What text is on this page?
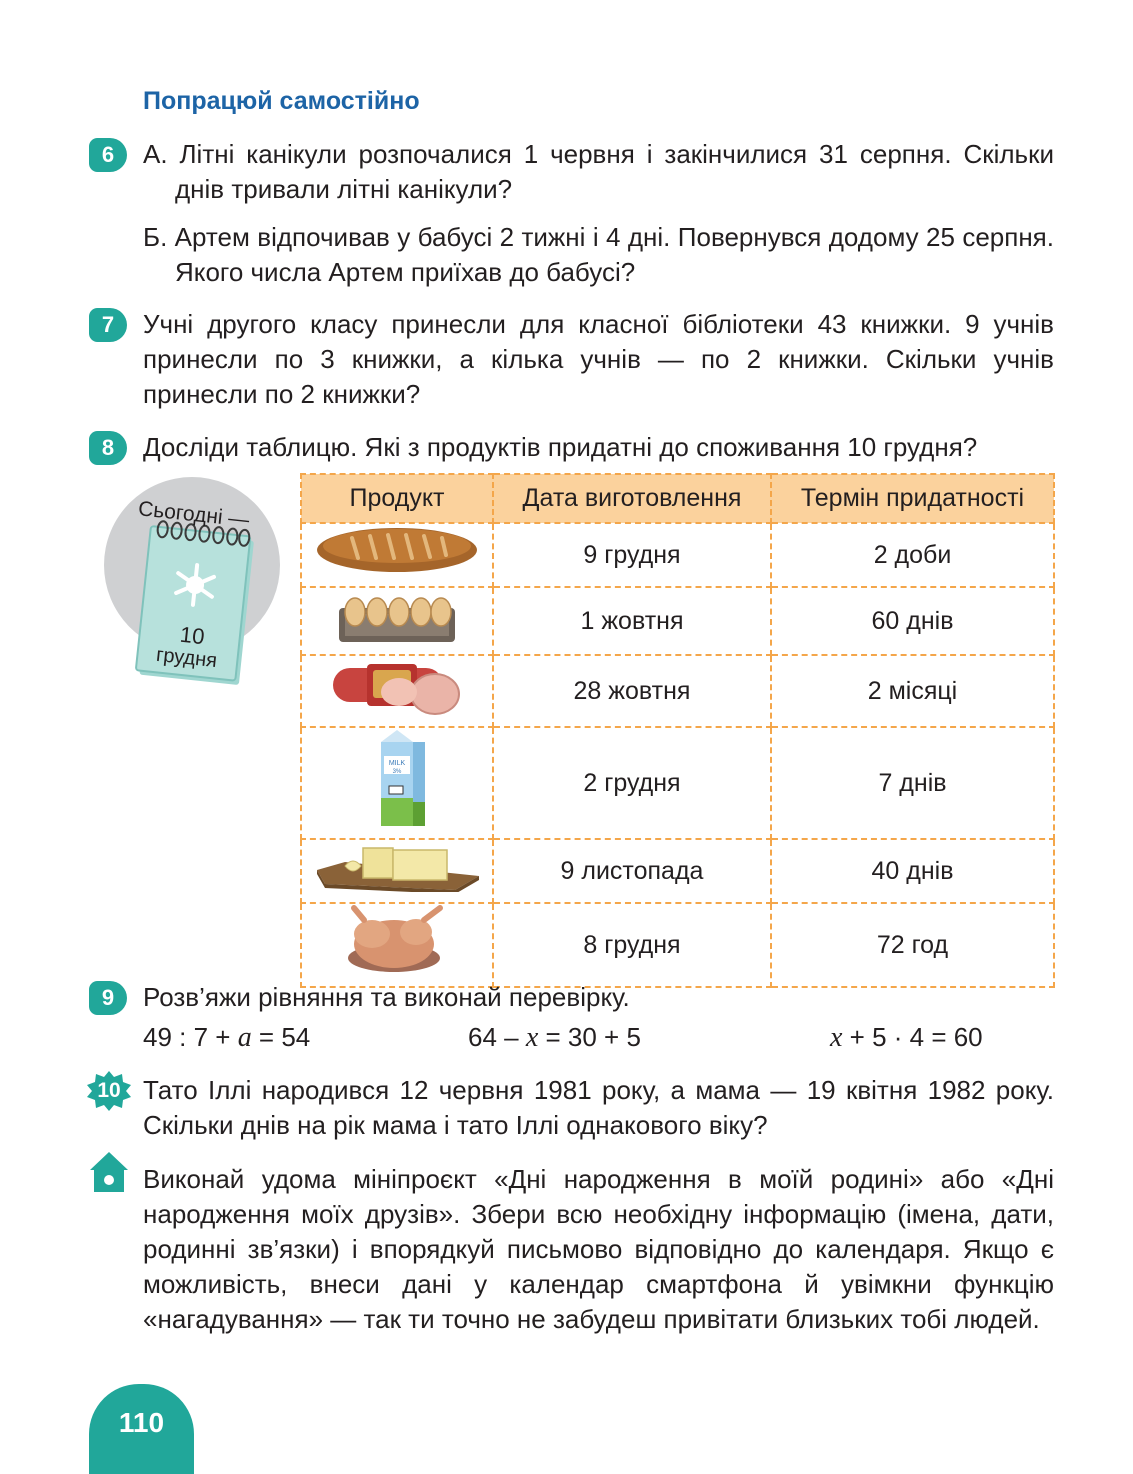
Попрацюй самостійно
6	А. Літні канікули розпочалися 1 червня і закінчилися 31 серпня. Скільки днів тривали літні канікули?
Б. Артем відпочивав у бабусі 2 тижні і 4 дні. Повернувся додому 25 серпня. Якого числа Артем приїхав до бабусі?
7	Учні другого класу принесли для класної бібліотеки 43 книжки. 9 учнів принесли по 3 книжки, а кілька учнів — по 2 книжки. Скільки учнів принесли по 2 книжки?
8	Досліди таблицю. Які з продуктів придатні до споживання 10 грудня?
Сьогодні —
10
грудня
Продукт	Дата виготовлення	Термін придатності
	9 грудня	2 доби
	1 жовтня	60 днів
	28 жовтня	2 місяці

MILK
3%	2 грудня	7 днів
	9 листопада	40 днів
	8 грудня	72 год
9	Розв’яжи рівняння та виконай перевірку.
49 : 7 + a = 54	64 – x = 30 + 5	x + 5 · 4 = 60
10 Тато Іллі народився 12 червня 1981 року, а мама — 19 квітня 1982 року. Скільки днів на рік мама і тато Іллі однакового віку?
Виконай удома мініпроєкт «Дні народження в моїй родині» або «Дні народження моїх друзів». Збери всю необхідну інформацію (імена, дати, родинні зв’язки) і впорядкуй письмово відповідно до календаря. Якщо є можливість, внеси дані у календар смартфона й увімкни функцію «нагадування» — так ти точно не забудеш привітати близьких тобі людей.
110
